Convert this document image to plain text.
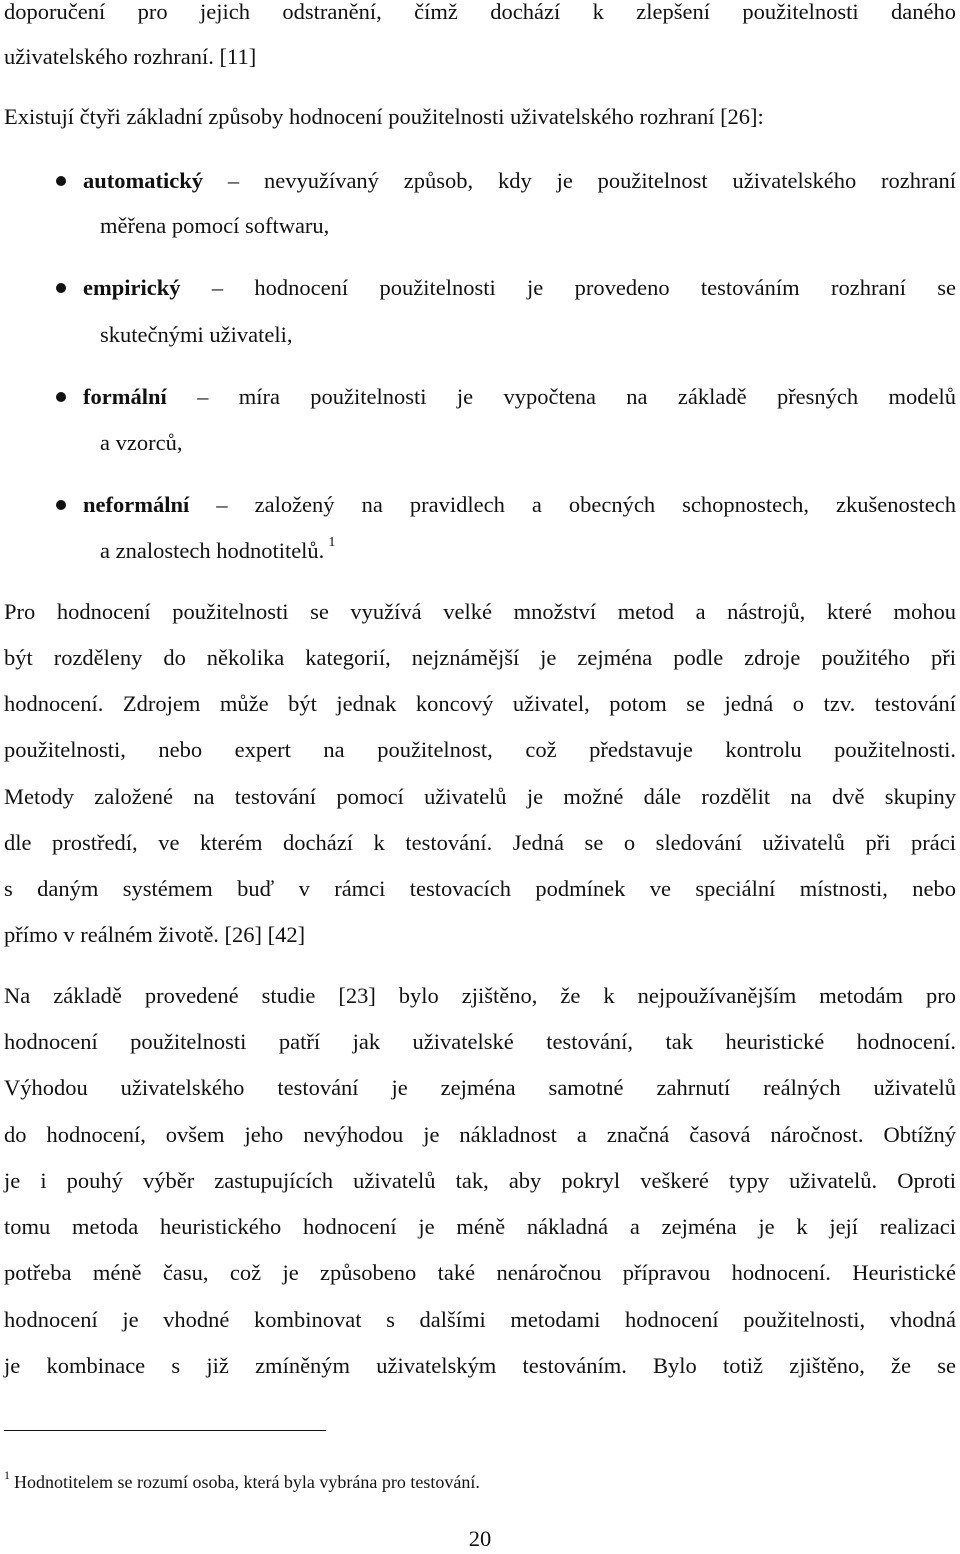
doporučení pro jejich odstranění, čímž dochází k zlepšení použitelnosti daného
uživatelského rozhraní. [11]
Existují čtyři základní způsoby hodnocení použitelnosti uživatelského rozhraní [26]:
automatický – nevyužívaný způsob, kdy je použitelnost uživatelského rozhraní
měřena pomocí softwaru,
empirický – hodnocení použitelnosti je provedeno testováním rozhraní se
skutečnými uživateli,
formální – míra použitelnosti je vypočtena na základě přesných modelů
a vzorců,
neformální – založený na pravidlech a obecných schopnostech, zkušenostech
a znalostech hodnotitelů. $^1$
Pro hodnocení použitelnosti se využívá velké množství metod a nástrojů, které mohou
být rozděleny do několika kategorií, nejznámější je zejména podle zdroje použitého při
hodnocení. Zdrojem může být jednak koncový uživatel, potom se jedná o tzv. testování
použitelnosti, nebo expert na použitelnost, což představuje kontrolu použitelnosti.
Metody založené na testování pomocí uživatelů je možné dále rozdělit na dvě skupiny
dle prostředí, ve kterém dochází k testování. Jedná se o sledování uživatelů při práci
s daným systémem buď v rámci testovacích podmínek ve speciální místnosti, nebo
přímo v reálném životě. [26] [42]
Na základě provedené studie [23] bylo zjištěno, že k nejpoužívanějším metodám pro
hodnocení použitelnosti patří jak uživatelské testování, tak heuristické hodnocení.
Výhodou uživatelského testování je zejména samotné zahrnutí reálných uživatelů
do hodnocení, ovšem jeho nevýhodou je nákladnost a značná časová náročnost. Obtížný
je i pouhý výběr zastupujících uživatelů tak, aby pokryl veškeré typy uživatelů. Oproti
tomu metoda heuristického hodnocení je méně nákladná a zejména je k její realizaci
potřeba méně času, což je způsobeno také nenáročnou přípravou hodnocení. Heuristické
hodnocení je vhodné kombinovat s dalšími metodami hodnocení použitelnosti, vhodná
je kombinace s již zmíněným uživatelským testováním. Bylo totiž zjištěno, že se
$^1$ Hodnotitelem se rozumí osoba, která byla vybrána pro testování.
20
